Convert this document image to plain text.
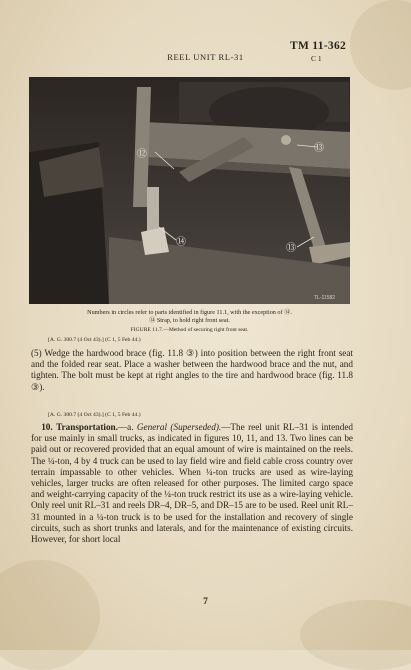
REEL UNIT RL-31
TM 11-362
C 1
⑫
⑬
⑭
⑬
TL-11582
Numbers in circles refer to parts identified in figure 11.1, with the exception of ⑭.
⑭ Strap, to hold right front seat.
FIGURE 11.7.—Method of securing right front seat.
[A. G. 300.7 (4 Oct 43).] (C 1, 5 Feb 44.)
(5) Wedge the hardwood brace (fig. 11.8 ③) into position between the right front seat and the folded rear seat. Place a washer between the hardwood brace and the nut, and tighten. The bolt must be kept at right angles to the tire and hardwood brace (fig. 11.8 ③).
[A. G. 300.7 (4 Oct 43).] (C 1, 5 Feb 44.)
10. Transportation.—a. General (Superseded).—The reel unit RL–31 is intended for use mainly in small trucks, as indicated in figures 10, 11, and 13. Two lines can be paid out or recovered provided that an equal amount of wire is maintained on the reels. The ¼-ton, 4 by 4 truck can be used to lay field wire and field cable cross country over terrain impassable to other vehicles. When ¼-ton trucks are used as wire-laying vehicles, larger trucks are often released for other purposes. The limited cargo space and weight-carrying capacity of the ¼-ton truck restrict its use as a wire-laying vehicle. Only reel unit RL–31 and reels DR–4, DR–5, and DR–15 are to be used. Reel unit RL–31 mounted in a ¼-ton truck is to be used for the installation and recovery of single circuits, such as short trunks and laterals, and for the maintenance of existing circuits. However, for short local
7
